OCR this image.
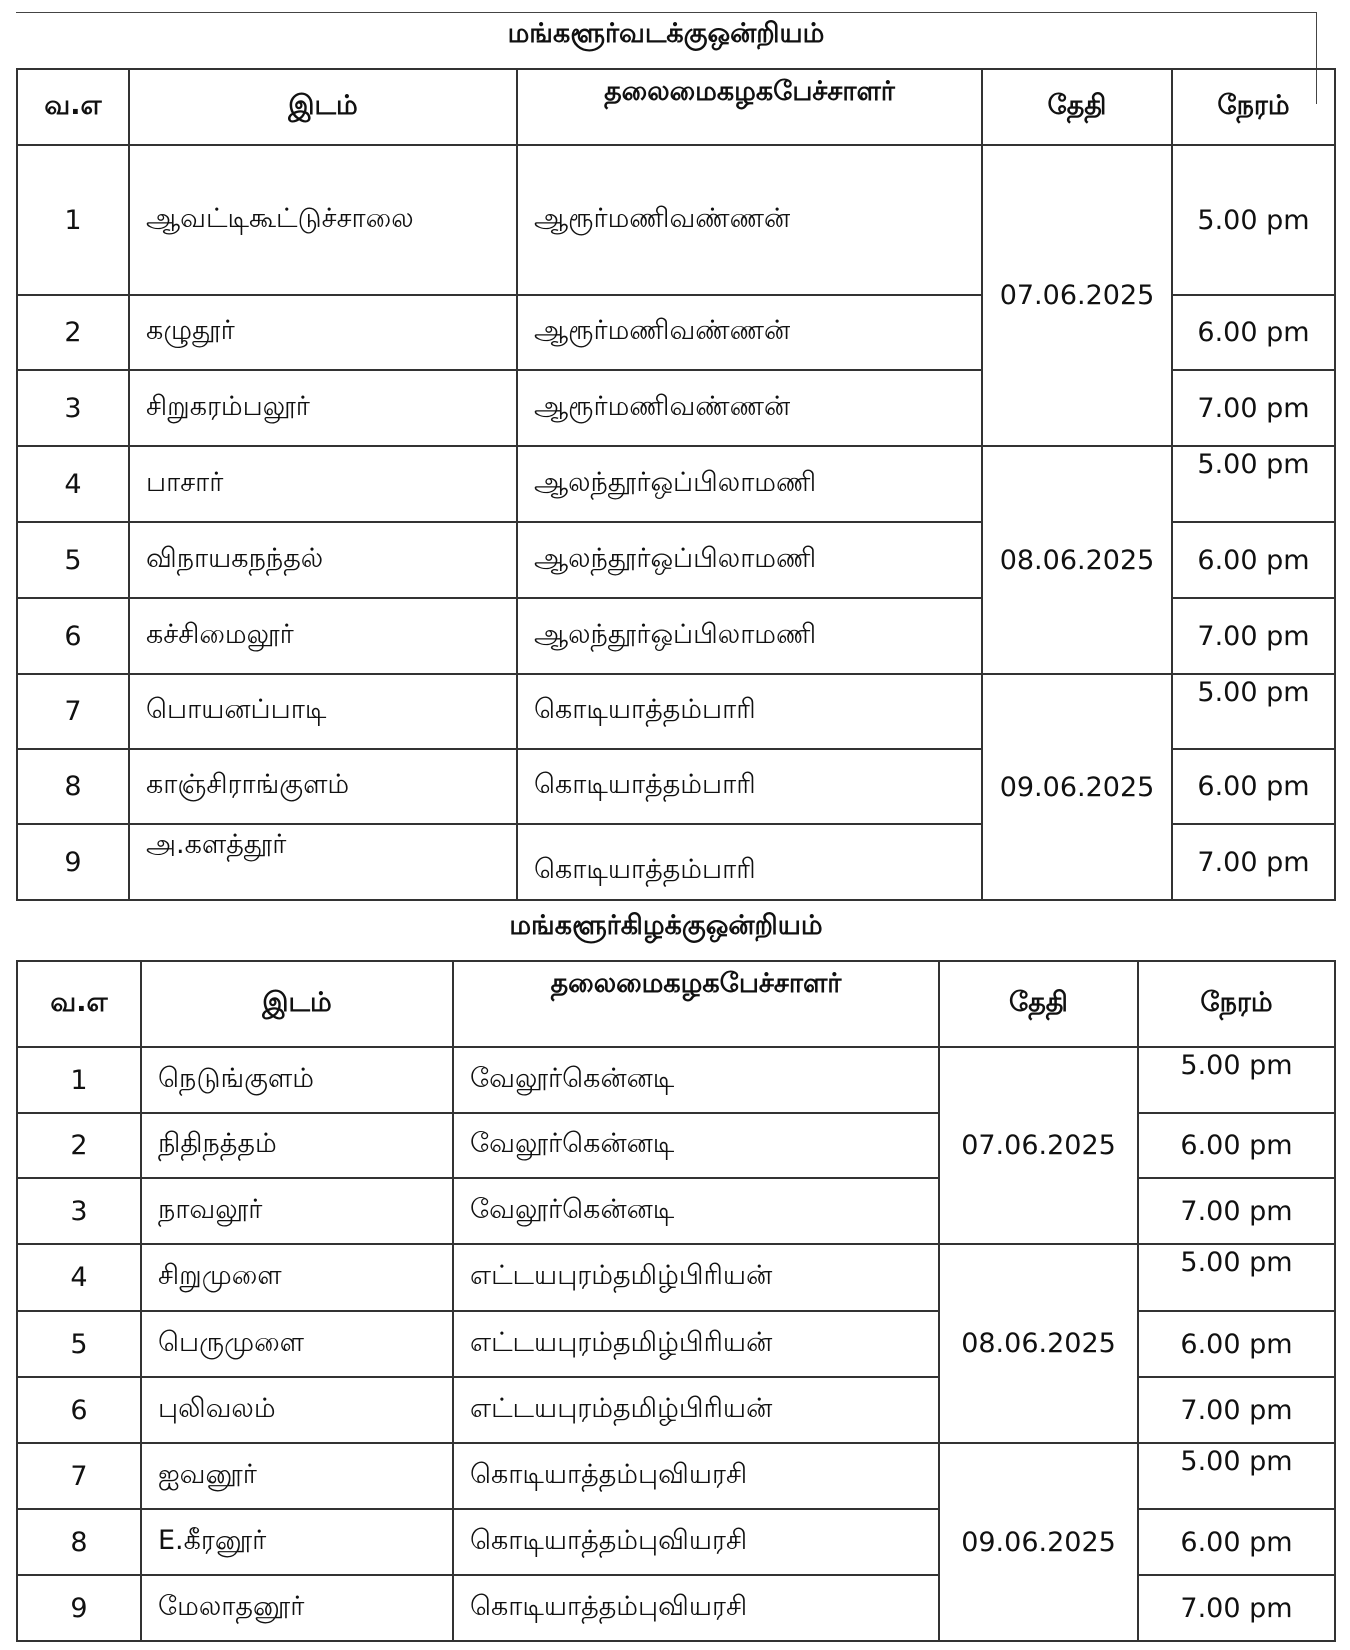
மங்களூர்வடக்குஒன்றியம்
வ.எ	இடம்	தலைமைகழகபேச்சாளர்	தேதி	நேரம்
1	ஆவட்டிகூட்டுச்சாலை	ஆரூர்மணிவண்ணன்	07.06.2025	5.00 pm
2	கழுதூர்	ஆரூர்மணிவண்ணன்		6.00 pm
3	சிறுகரம்பலூர்	ஆரூர்மணிவண்ணன்		7.00 pm
4	பாசார்	ஆலந்தூர்ஒப்பிலாமணி	08.06.2025	5.00 pm
5	விநாயகநந்தல்	ஆலந்தூர்ஒப்பிலாமணி		6.00 pm
6	கச்சிமைலூர்	ஆலந்தூர்ஒப்பிலாமணி		7.00 pm
7	பொயனப்பாடி	கொடியாத்தம்பாரி	09.06.2025	5.00 pm
8	காஞ்சிராங்குளம்	கொடியாத்தம்பாரி		6.00 pm
9	அ.களத்தூர்	கொடியாத்தம்பாரி		7.00 pm
மங்களூர்கிழக்குஒன்றியம்
வ.எ	இடம்	தலைமைகழகபேச்சாளர்	தேதி	நேரம்
1	நெடுங்குளம்	வேலூர்கென்னடி	07.06.2025	5.00 pm
2	நிதிநத்தம்	வேலூர்கென்னடி		6.00 pm
3	நாவலூர்	வேலூர்கென்னடி		7.00 pm
4	சிறுமுளை	எட்டயபுரம்தமிழ்பிரியன்	08.06.2025	5.00 pm
5	பெருமுளை	எட்டயபுரம்தமிழ்பிரியன்		6.00 pm
6	புலிவலம்	எட்டயபுரம்தமிழ்பிரியன்		7.00 pm
7	ஐவனூர்	கொடியாத்தம்புவியரசி	09.06.2025	5.00 pm
8	E.கீரனூர்	கொடியாத்தம்புவியரசி		6.00 pm
9	மேலாதனூர்	கொடியாத்தம்புவியரசி		7.00 pm
